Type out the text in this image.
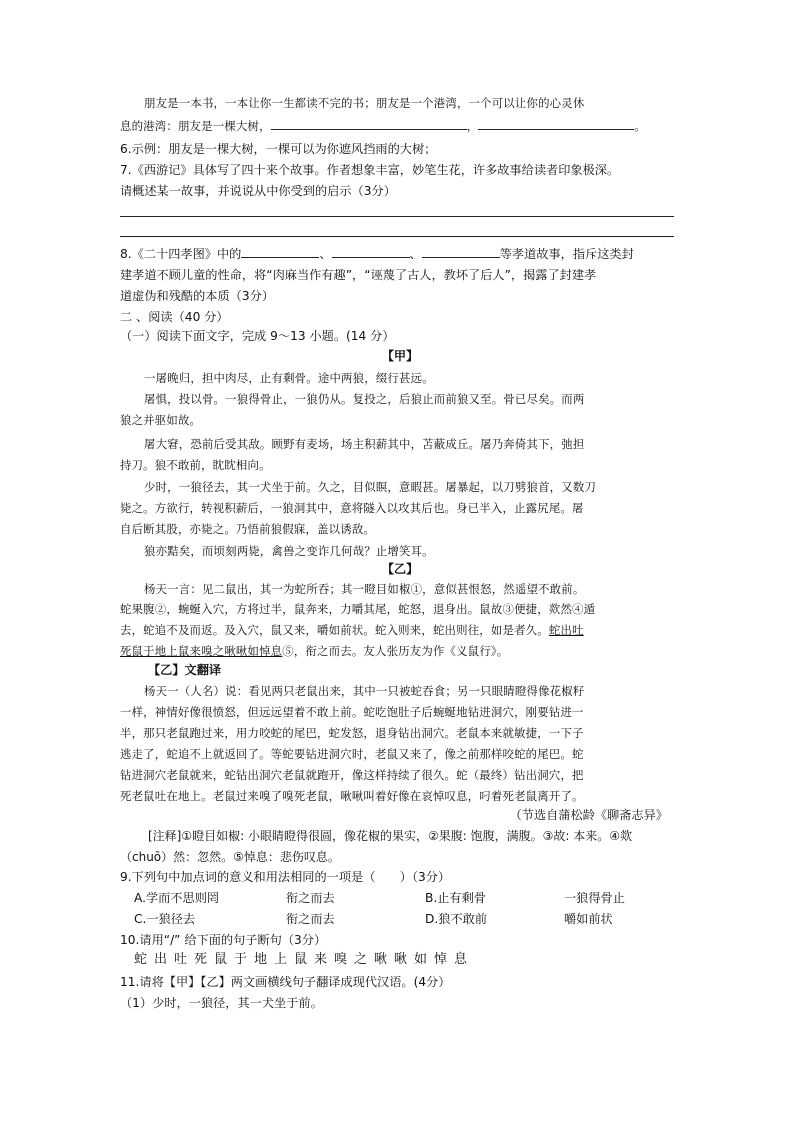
朋友是一本书，一本让你一生都读不完的书；朋友是一个港湾，一个可以让你的心灵休
息的港湾：朋友是一棵大树，	，	。
6.示例：朋友是一棵大树，一棵可以为你遮风挡雨的大树；
7.《西游记》具体写了四十来个故事。作者想象丰富，妙笔生花，许多故事给读者印象极深。
请概述某一故事，并说说从中你受到的启示（3分）
8.《二十四孝图》中的	、	、	等孝道故事，指斥这类封
建孝道不顾儿童的性命，将“肉麻当作有趣”，“诬蔑了古人，教坏了后人”，揭露了封建孝
道虚伪和残酷的本质（3分）
二 、阅读（40 分）
（一）阅读下面文字，完成 9～13 小题。(14 分）
【甲】
一屠晚归，担中肉尽，止有剩骨。途中两狼，缀行甚远。
屠惧，投以骨。一狼得骨止，一狼仍从。复投之，后狼止而前狼又至。骨已尽矣。而两
狼之并驱如故。
屠大窘，恐前后受其敌。顾野有麦场，场主积薪其中，苫蔽成丘。屠乃奔倚其下，弛担
持刀。狼不敢前，眈眈相向。
少时，一狼径去，其一犬坐于前。久之，目似瞑，意暇甚。屠暴起，以刀劈狼首，又数刀
毙之。方欲行，转视积薪后，一狼洞其中，意将隧入以攻其后也。身已半入，止露尻尾。屠
自后断其股，亦毙之。乃悟前狼假寐，盖以诱敌。
狼亦黠矣，而顷刻两毙，禽兽之变诈几何哉？止增笑耳。
【乙】
杨天一言：见二鼠出，其一为蛇所吞；其一瞪目如椒①，意似甚恨怒，然遥望不敢前。
蛇果腹②，蜿蜒入穴，方将过半，鼠奔来，力嚼其尾，蛇怒，退身出。鼠故③便捷，欻然④遁
去，蛇追不及而返。及入穴，鼠又来，嚼如前状。蛇入则来，蛇出则往，如是者久。蛇出吐
死鼠于地上鼠来嗅之啾啾如悼息⑤，衔之而去。友人张历友为作《义鼠行》。
【乙】文翻译
杨天一（人名）说：看见两只老鼠出来，其中一只被蛇吞食；另一只眼睛瞪得像花椒籽
一样，神情好像很愤怒，但远远望着不敢上前。蛇吃饱肚子后蜿蜒地钻进洞穴，刚要钻进一
半，那只老鼠跑过来，用力咬蛇的尾巴，蛇发怒，退身钻出洞穴。老鼠本来就敏捷，一下子
逃走了，蛇追不上就返回了。等蛇要钻进洞穴时，老鼠又来了，像之前那样咬蛇的尾巴。蛇
钻进洞穴老鼠就来，蛇钻出洞穴老鼠就跑开，像这样持续了很久。蛇（最终）钻出洞穴，把
死老鼠吐在地上。老鼠过来嗅了嗅死老鼠，啾啾叫着好像在哀悼叹息，叼着死老鼠离开了。
（节选自蒲松龄《聊斋志异》
[注释]①瞪目如椒: 小眼睛瞪得很圆，像花椒的果实，②果腹: 饱腹，满腹。③故: 本来。④欻
（chuō）然：忽然。⑤悼息：悲伤叹息。
9.下列句中加点词的意义和用法相同的一项是（　　）（3分）
A.学而不思则罔	衔之而去	B.止有剩骨	一狼得骨止
C.一狼径去	衔之而去	D.狼不敢前	嚼如前状
10.请用“/” 给下面的句子断句（3分）
蛇出吐死鼠于地上鼠来嗅之啾啾如悼息
11.请将【甲】【乙】两文画横线句子翻译成现代汉语。(4分）
（1）少时，一狼径，其一犬坐于前。
